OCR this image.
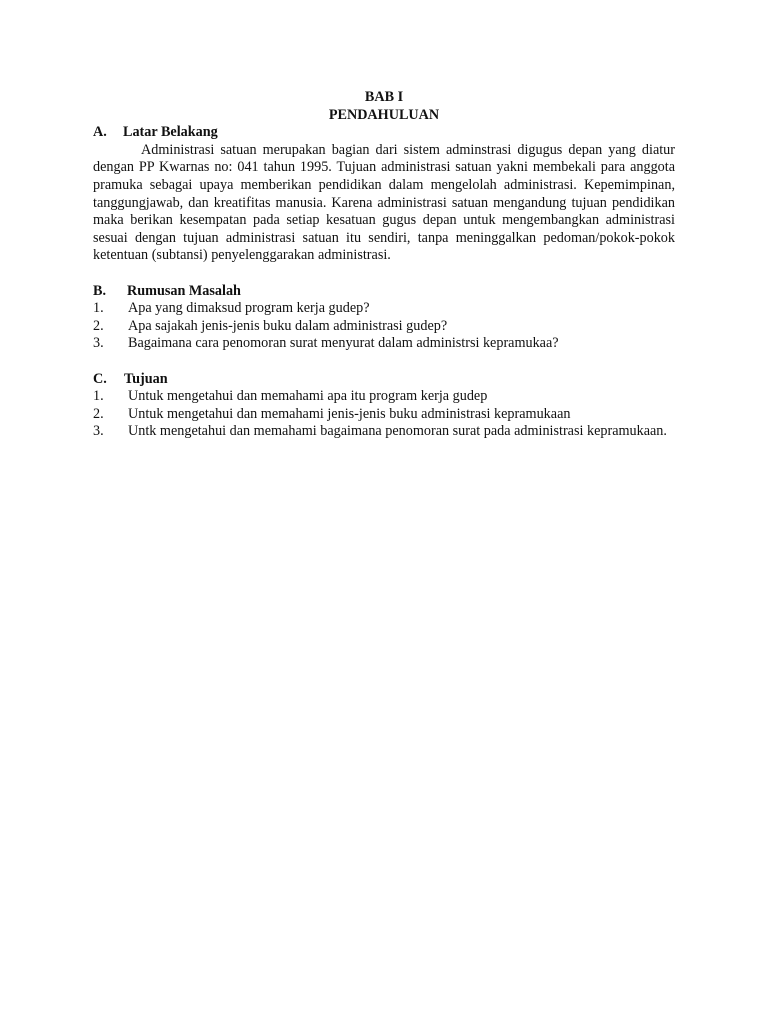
BAB I
PENDAHULUAN
A.	Latar Belakang

Administrasi satuan merupakan bagian dari sistem adminstrasi digugus depan yang diatur dengan PP Kwarnas no: 041 tahun 1995. Tujuan administrasi satuan yakni membekali para anggota pramuka sebagai upaya memberikan pendidikan dalam mengelolah administrasi. Kepemimpinan, tanggungjawab, dan kreatifitas manusia. Karena administrasi satuan mengandung tujuan pendidikan maka berikan kesempatan pada setiap kesatuan gugus depan untuk mengembangkan administrasi sesuai dengan tujuan administrasi satuan itu sendiri, tanpa meninggalkan pedoman/pokok-pokok ketentuan (subtansi) penyelenggarakan administrasi.

B.	Rumusan Masalah
1.	Apa yang dimaksud program kerja gudep?
2.	Apa sajakah jenis-jenis buku dalam administrasi gudep?
3.	Bagaimana cara penomoran surat menyurat dalam administrsi kepramukaa?
C.	Tujuan
1.	Untuk mengetahui dan memahami apa itu program kerja gudep
2.	Untuk mengetahui dan memahami jenis-jenis buku administrasi kepramukaan
3.	Untk mengetahui dan memahami bagaimana penomoran surat pada administrasi kepramukaan.
